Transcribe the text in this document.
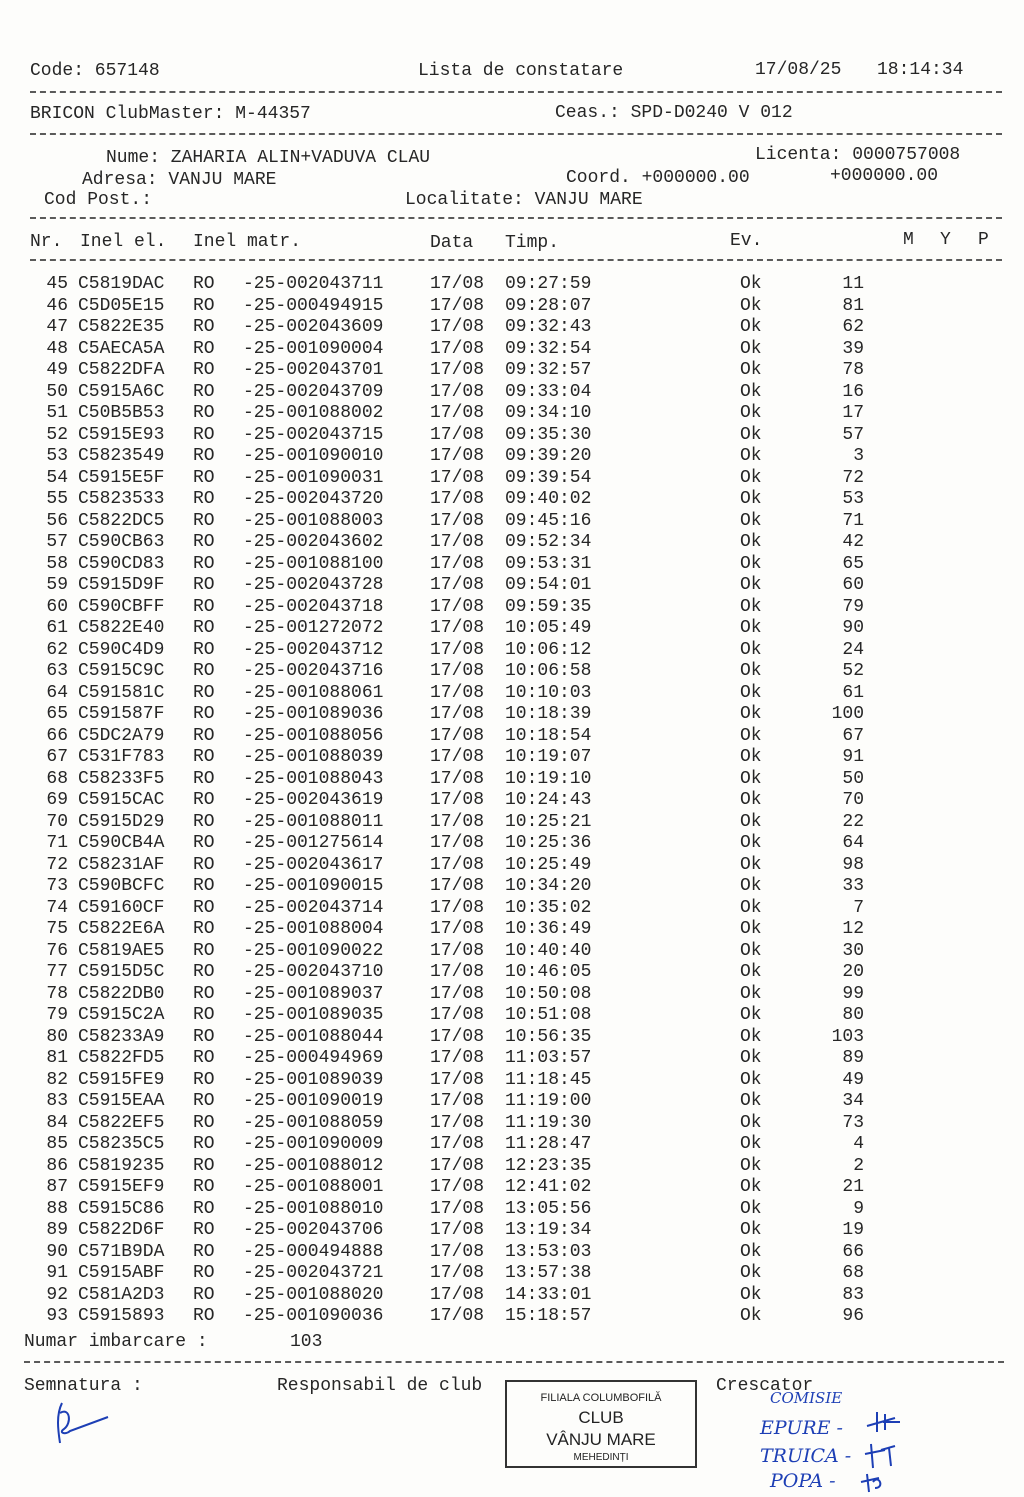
Code: 657148	Lista de constatare	17/08/25 18:14:34
BRICON ClubMaster: M-44357	Ceas.: SPD-D0240 V 012
Nume: ZAHARIA ALIN+VADUVA CLAU	Licenta: 0000757008
Adresa: VANJU MARE	Coord. +000000.00	+000000.00
Cod Post.:	Localitate: VANJU MARE
Nr. Inel el. Inel matr.	Data Timp.	Ev.	M Y P
45 C5819DAC RO -25-002043711	17/08 09:27:59	Ok	11
46 C5D05E15 RO -25-000494915	17/08 09:28:07	Ok	81
47 C5822E35 RO -25-002043609	17/08 09:32:43	Ok	62
48 C5AECA5A RO -25-001090004	17/08 09:32:54	Ok	39
49 C5822DFA RO -25-002043701	17/08 09:32:57	Ok	78
50 C5915A6C RO -25-002043709	17/08 09:33:04	Ok	16
51 C50B5B53 RO -25-001088002	17/08 09:34:10	Ok	17
52 C5915E93 RO -25-002043715	17/08 09:35:30	Ok	57
53 C5823549 RO -25-001090010	17/08 09:39:20	Ok	3
54 C5915E5F RO -25-001090031	17/08 09:39:54	Ok	72
55 C5823533 RO -25-002043720	17/08 09:40:02	Ok	53
56 C5822DC5 RO -25-001088003	17/08 09:45:16	Ok	71
57 C590CB63 RO -25-002043602	17/08 09:52:34	Ok	42
58 C590CD83 RO -25-001088100	17/08 09:53:31	Ok	65
59 C5915D9F RO -25-002043728	17/08 09:54:01	Ok	60
60 C590CBFF RO -25-002043718	17/08 09:59:35	Ok	79
61 C5822E40 RO -25-001272072	17/08 10:05:49	Ok	90
62 C590C4D9 RO -25-002043712	17/08 10:06:12	Ok	24
63 C5915C9C RO -25-002043716	17/08 10:06:58	Ok	52
64 C591581C RO -25-001088061	17/08 10:10:03	Ok	61
65 C591587F RO -25-001089036	17/08 10:18:39	Ok	100
66 C5DC2A79 RO -25-001088056	17/08 10:18:54	Ok	67
67 C531F783 RO -25-001088039	17/08 10:19:07	Ok	91
68 C58233F5 RO -25-001088043	17/08 10:19:10	Ok	50
69 C5915CAC RO -25-002043619	17/08 10:24:43	Ok	70
70 C5915D29 RO -25-001088011	17/08 10:25:21	Ok	22
71 C590CB4A RO -25-001275614	17/08 10:25:36	Ok	64
72 C58231AF RO -25-002043617	17/08 10:25:49	Ok	98
73 C590BCFC RO -25-001090015	17/08 10:34:20	Ok	33
74 C59160CF RO -25-002043714	17/08 10:35:02	Ok	7
75 C5822E6A RO -25-001088004	17/08 10:36:49	Ok	12
76 C5819AE5 RO -25-001090022	17/08 10:40:40	Ok	30
77 C5915D5C RO -25-002043710	17/08 10:46:05	Ok	20
78 C5822DB0 RO -25-001089037	17/08 10:50:08	Ok	99
79 C5915C2A RO -25-001089035	17/08 10:51:08	Ok	80
80 C58233A9 RO -25-001088044	17/08 10:56:35	Ok	103
81 C5822FD5 RO -25-000494969	17/08 11:03:57	Ok	89
82 C5915FE9 RO -25-001089039	17/08 11:18:45	Ok	49
83 C5915EAA RO -25-001090019	17/08 11:19:00	Ok	34
84 C5822EF5 RO -25-001088059	17/08 11:19:30	Ok	73
85 C58235C5 RO -25-001090009	17/08 11:28:47	Ok	4
86 C5819235 RO -25-001088012	17/08 12:23:35	Ok	2
87 C5915EF9 RO -25-001088001	17/08 12:41:02	Ok	21
88 C5915C86 RO -25-001088010	17/08 13:05:56	Ok	9
89 C5822D6F RO -25-002043706	17/08 13:19:34	Ok	19
90 C571B9DA RO -25-000494888	17/08 13:53:03	Ok	66
91 C5915ABF RO -25-002043721	17/08 13:57:38	Ok	68
92 C581A2D3 RO -25-001088020	17/08 14:33:01	Ok	83
93 C5915893 RO -25-001090036	17/08 15:18:57	Ok	96
Numar imbarcare :	103
Semnatura :	Responsabil de club	Crescator
FILIALA COLUMBOFILĂ
CLUB
VÂNJU MARE
MEHEDINȚI
COMISIE
EPURE -
TRUICA -
POPA -
